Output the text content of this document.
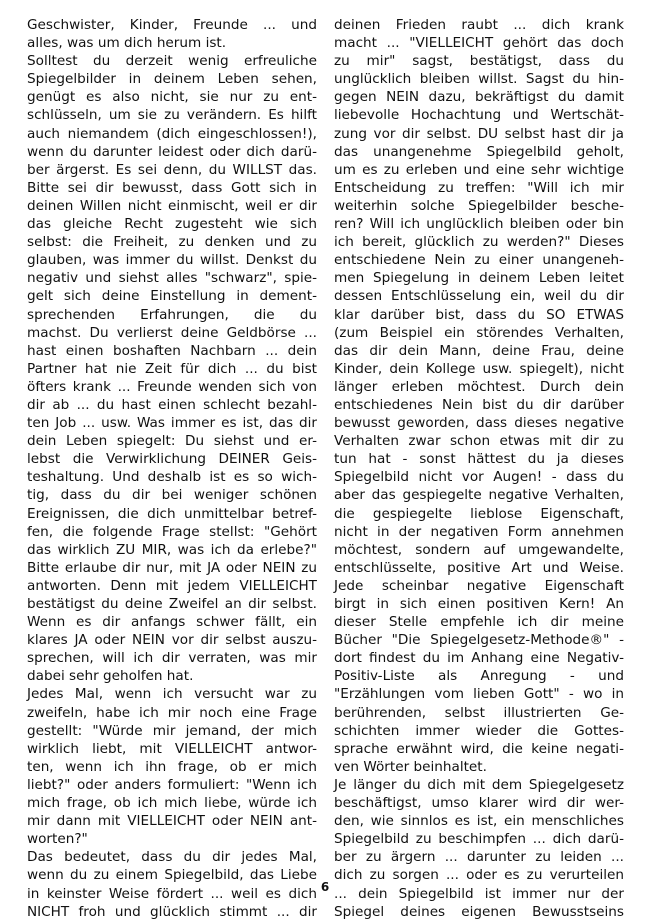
Geschwister, Kinder, Freunde ... und
alles, was um dich herum ist.
Solltest du derzeit wenig erfreuliche
Spiegelbilder in deinem Leben sehen,
genügt es also nicht, sie nur zu ent-
schlüsseln, um sie zu verändern. Es hilft
auch niemandem (dich eingeschlossen!),
wenn du darunter leidest oder dich darü-
ber ärgerst. Es sei denn, du WILLST das.
Bitte sei dir bewusst, dass Gott sich in
deinen Willen nicht einmischt, weil er dir
das gleiche Recht zugesteht wie sich
selbst: die Freiheit, zu denken und zu
glauben, was immer du willst. Denkst du
negativ und siehst alles "schwarz", spie-
gelt sich deine Einstellung in dement-
sprechenden Erfahrungen, die du
machst. Du verlierst deine Geldbörse ...
hast einen boshaften Nachbarn ... dein
Partner hat nie Zeit für dich ... du bist
öfters krank ... Freunde wenden sich von
dir ab ... du hast einen schlecht bezahl-
ten Job ... usw. Was immer es ist, das dir
dein Leben spiegelt: Du siehst und er-
lebst die Verwirklichung DEINER Geis-
teshaltung. Und deshalb ist es so wich-
tig, dass du dir bei weniger schönen
Ereignissen, die dich unmittelbar betref-
fen, die folgende Frage stellst: "Gehört
das wirklich ZU MIR, was ich da erlebe?"
Bitte erlaube dir nur, mit JA oder NEIN zu
antworten. Denn mit jedem VIELLEICHT
bestätigst du deine Zweifel an dir selbst.
Wenn es dir anfangs schwer fällt, ein
klares JA oder NEIN vor dir selbst auszu-
sprechen, will ich dir verraten, was mir
dabei sehr geholfen hat.
Jedes Mal, wenn ich versucht war zu
zweifeln, habe ich mir noch eine Frage
gestellt: "Würde mir jemand, der mich
wirklich liebt, mit VIELLEICHT antwor-
ten, wenn ich ihn frage, ob er mich
liebt?" oder anders formuliert: "Wenn ich
mich frage, ob ich mich liebe, würde ich
mir dann mit VIELLEICHT oder NEIN ant-
worten?"
Das bedeutet, dass du dir jedes Mal,
wenn du zu einem Spiegelbild, das Liebe
in keinster Weise fördert ... weil es dich
NICHT froh und glücklich stimmt ... dir
deinen Frieden raubt ... dich krank
macht ... "VIELLEICHT gehört das doch
zu mir" sagst, bestätigst, dass du
unglücklich bleiben willst. Sagst du hin-
gegen NEIN dazu, bekräftigst du damit
liebevolle Hochachtung und Wertschät-
zung vor dir selbst. DU selbst hast dir ja
das unangenehme Spiegelbild geholt,
um es zu erleben und eine sehr wichtige
Entscheidung zu treffen: "Will ich mir
weiterhin solche Spiegelbilder besche-
ren? Will ich unglücklich bleiben oder bin
ich bereit, glücklich zu werden?" Dieses
entschiedene Nein zu einer unangeneh-
men Spiegelung in deinem Leben leitet
dessen Entschlüsselung ein, weil du dir
klar darüber bist, dass du SO ETWAS
(zum Beispiel ein störendes Verhalten,
das dir dein Mann, deine Frau, deine
Kinder, dein Kollege usw. spiegelt), nicht
länger erleben möchtest. Durch dein
entschiedenes Nein bist du dir darüber
bewusst geworden, dass dieses negative
Verhalten zwar schon etwas mit dir zu
tun hat - sonst hättest du ja dieses
Spiegelbild nicht vor Augen! - dass du
aber das gespiegelte negative Verhalten,
die gespiegelte lieblose Eigenschaft,
nicht in der negativen Form annehmen
möchtest, sondern auf umgewandelte,
entschlüsselte, positive Art und Weise.
Jede scheinbar negative Eigenschaft
birgt in sich einen positiven Kern! An
dieser Stelle empfehle ich dir meine
Bücher "Die Spiegelgesetz-Methode®" -
dort findest du im Anhang eine Negativ-
Positiv-Liste als Anregung - und
"Erzählungen vom lieben Gott" - wo in
berührenden, selbst illustrierten Ge-
schichten immer wieder die Gottes-
sprache erwähnt wird, die keine negati-
ven Wörter beinhaltet.
Je länger du dich mit dem Spiegelgesetz
beschäftigst, umso klarer wird dir wer-
den, wie sinnlos es ist, ein menschliches
Spiegelbild zu beschimpfen ... dich darü-
ber zu ärgern ... darunter zu leiden ...
dich zu sorgen ... oder es zu verurteilen
... dein Spiegelbild ist immer nur der
Spiegel deines eigenen Bewusstseins
6
